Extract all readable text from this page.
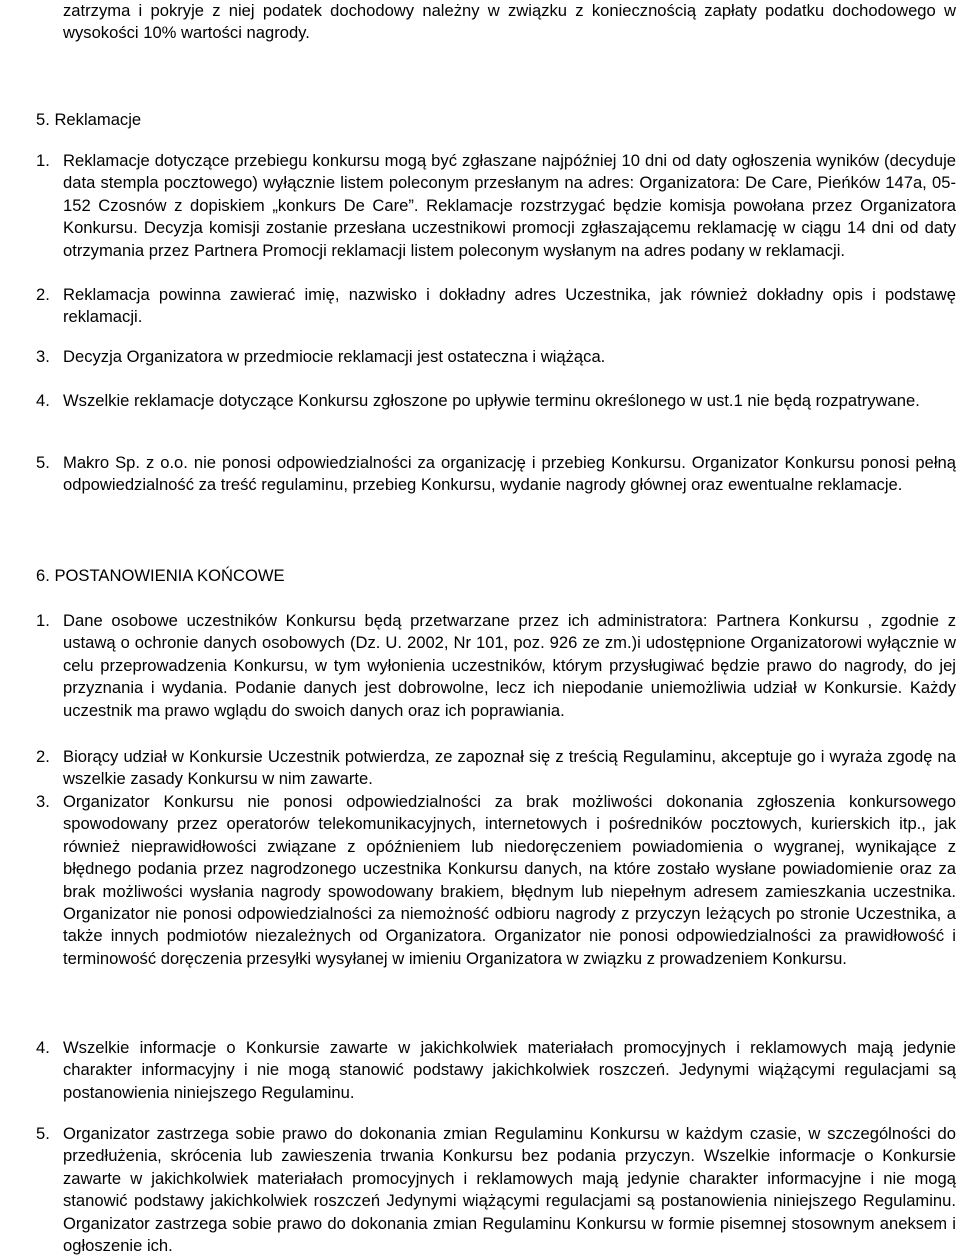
zatrzyma i pokryje z niej podatek dochodowy należny w związku z koniecznością zapłaty podatku dochodowego w wysokości 10% wartości nagrody.

5. Reklamacje
1. Reklamacje dotyczące przebiegu konkursu mogą być zgłaszane najpóźniej 10 dni od daty ogłoszenia wyników (decyduje data stempla pocztowego) wyłącznie listem poleconym przesłanym na adres: Organizatora: De Care, Pieńków 147a, 05-152 Czosnów z dopiskiem „konkurs De Care”. Reklamacje rozstrzygać będzie komisja powołana przez Organizatora Konkursu. Decyzja komisji zostanie przesłana uczestnikowi promocji zgłaszającemu reklamację w ciągu 14 dni od daty otrzymania przez Partnera Promocji reklamacji listem poleconym wysłanym na adres podany w reklamacji.
2. Reklamacja powinna zawierać imię, nazwisko i dokładny adres Uczestnika, jak również dokładny opis i podstawę reklamacji.
3. Decyzja Organizatora w przedmiocie reklamacji jest ostateczna i wiążąca.
4. Wszelkie reklamacje dotyczące Konkursu zgłoszone po upływie terminu określonego w ust.1 nie będą rozpatrywane.
5. Makro Sp. z o.o. nie ponosi odpowiedzialności za organizację i przebieg Konkursu. Organizator Konkursu ponosi pełną odpowiedzialność za treść regulaminu, przebieg Konkursu, wydanie nagrody głównej oraz ewentualne reklamacje.
6. POSTANOWIENIA KOŃCOWE
1. Dane osobowe uczestników Konkursu będą przetwarzane przez ich administratora: Partnera Konkursu , zgodnie z ustawą o ochronie danych osobowych (Dz. U. 2002, Nr 101, poz. 926 ze zm.)i udostępnione Organizatorowi wyłącznie w celu przeprowadzenia Konkursu, w tym wyłonienia uczestników, którym przysługiwać będzie prawo do nagrody, do jej przyznania i wydania. Podanie danych jest dobrowolne, lecz ich niepodanie uniemożliwia udział w Konkursie. Każdy uczestnik ma prawo wglądu do swoich danych oraz ich poprawiania.
2. Biorący udział w Konkursie Uczestnik potwierdza, ze zapoznał się z treścią Regulaminu, akceptuje go i wyraża zgodę na wszelkie zasady Konkursu w nim zawarte.
3. Organizator Konkursu nie ponosi odpowiedzialności za brak możliwości dokonania zgłoszenia konkursowego spowodowany przez operatorów telekomunikacyjnych, internetowych i pośredników pocztowych, kurierskich itp., jak również nieprawidłowości związane z opóźnieniem lub niedoręczeniem powiadomienia o wygranej, wynikające z błędnego podania przez nagrodzonego uczestnika Konkursu danych, na które zostało wysłane powiadomienie oraz za brak możliwości wysłania nagrody spowodowany brakiem, błędnym lub niepełnym adresem zamieszkania uczestnika. Organizator nie ponosi odpowiedzialności za niemożność odbioru nagrody z przyczyn leżących po stronie Uczestnika, a także innych podmiotów niezależnych od Organizatora. Organizator nie ponosi odpowiedzialności za prawidłowość i terminowość doręczenia przesyłki wysyłanej w imieniu Organizatora w związku z prowadzeniem Konkursu.
4. Wszelkie informacje o Konkursie zawarte w jakichkolwiek materiałach promocyjnych i reklamowych mają jedynie charakter informacyjny i nie mogą stanowić podstawy jakichkolwiek roszczeń. Jedynymi wiążącymi regulacjami są postanowienia niniejszego Regulaminu.
5. Organizator zastrzega sobie prawo do dokonania zmian Regulaminu Konkursu w każdym czasie, w szczególności do przedłużenia, skrócenia lub zawieszenia trwania Konkursu bez podania przyczyn. Wszelkie informacje o Konkursie zawarte w jakichkolwiek materiałach promocyjnych i reklamowych mają jedynie charakter informacyjne i nie mogą stanowić podstawy jakichkolwiek roszczeń Jedynymi wiążącymi regulacjami są postanowienia niniejszego Regulaminu. Organizator zastrzega sobie prawo do dokonania zmian Regulaminu Konkursu w formie pisemnej stosownym aneksem i ogłoszenie ich.
